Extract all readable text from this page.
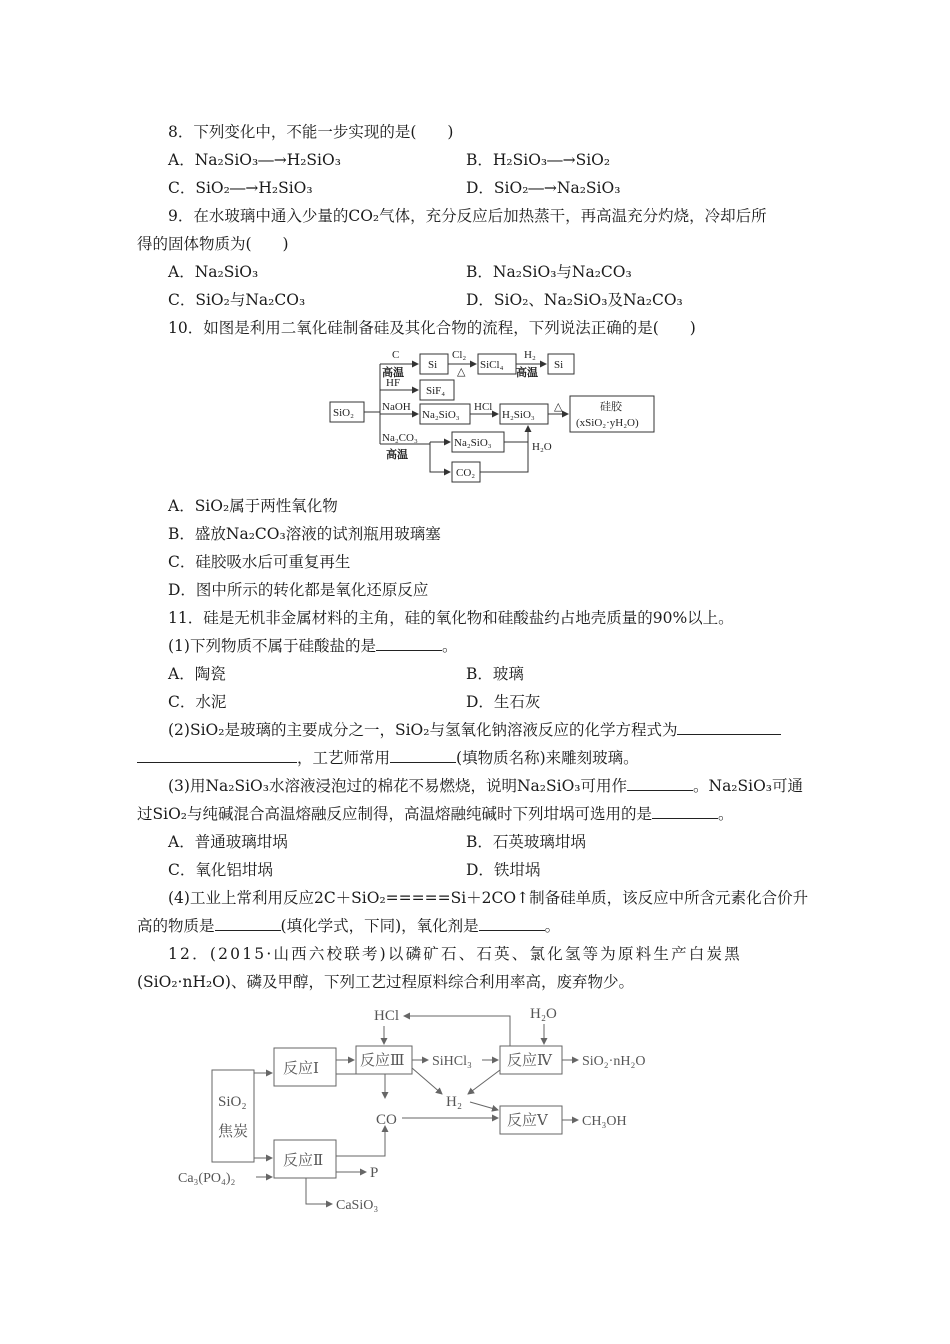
8．下列变化中，不能一步实现的是(　　)
A．Na₂SiO₃―→H₂SiO₃	B．H₂SiO₃―→SiO₂
C．SiO₂―→H₂SiO₃	D．SiO₂―→Na₂SiO₃
9．在水玻璃中通入少量的CO₂气体，充分反应后加热蒸干，再高温充分灼烧，冷却后所
得的固体物质为(　　)
A．Na₂SiO₃	B．Na₂SiO₃与Na₂CO₃
C．SiO₂与Na₂CO₃	D．SiO₂、Na₂SiO₃及Na₂CO₃
10．如图是利用二氧化硅制备硅及其化合物的流程，下列说法正确的是(　　)
SiO₂
C
高温
Si
Cl₂
△
SiCl₄
H₂
高温
Si
HF
SiF₄
NaOH
Na₂SiO₃
HCl
H₂SiO₃
△	硅胶
(xSiO₂·yH₂O)
Na₂CO₃
高温
Na₂SiO₃
CO₂
H₂O
A．SiO₂属于两性氧化物
B．盛放Na₂CO₃溶液的试剂瓶用玻璃塞
C．硅胶吸水后可重复再生
D．图中所示的转化都是氧化还原反应
11．硅是无机非金属材料的主角，硅的氧化物和硅酸盐约占地壳质量的90%以上。
(1)下列物质不属于硅酸盐的是	。
A．陶瓷	B．玻璃
C．水泥	D．生石灰
(2)SiO₂是玻璃的主要成分之一，SiO₂与氢氧化钠溶液反应的化学方程式为
，工艺师常用	(填物质名称)来雕刻玻璃。
(3)用Na₂SiO₃水溶液浸泡过的棉花不易燃烧，说明Na₂SiO₃可用作	。Na₂SiO₃可通
过SiO₂与纯碱混合高温熔融反应制得，高温熔融纯碱时下列坩埚可选用的是	。
A．普通玻璃坩埚	B．石英玻璃坩埚
C．氧化铝坩埚	D．铁坩埚
(4)工业上常利用反应2C＋SiO₂=====Si＋2CO↑制备硅单质，该反应中所含元素化合价升
高的物质是	(填化学式，下同)，氧化剂是	。
12．(2015·山西六校联考)以磷矿石、石英、氯化氢等为原料生产白炭黑
(SiO₂·nH₂O)、磷及甲醇，下列工艺过程原料综合利用率高，废弃物少。
HCl	H₂O
反应Ⅰ
反应Ⅱ
反应Ⅲ SiHCl₃ 反应Ⅳ SiO₂·nH₂O
SiO₂
焦炭
CO
H₂
反应Ⅴ CH₃OH
Ca₃(PO₄)₂	P
CaSiO₃
